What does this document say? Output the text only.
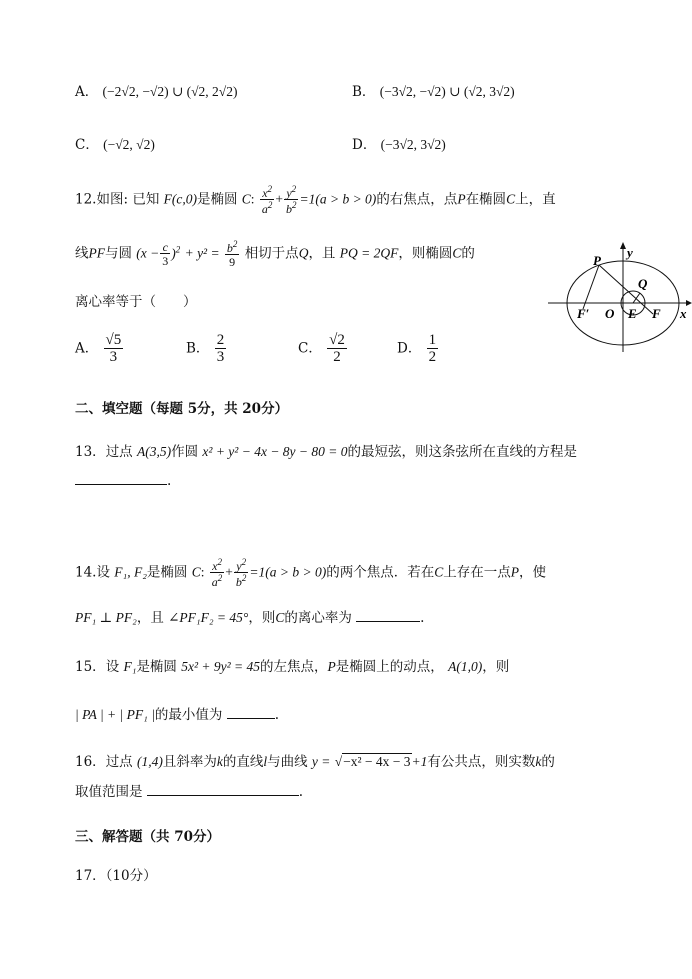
A． (−2√2, −√2) ∪ (√2, 2√2)	B． (−3√2, −√2) ∪ (√2, 3√2)
C． (−√2, √2)	D． (−3√2, 3√2)
12.如图: 已知 F(c,0)是椭圆 C: $\frac{x^2}{a^2} + \frac{y^2}{b^2} =1(a > b > 0)$的右焦点，点P在椭圆C上，直
线PF与圆 $(x - \frac{c}{3} )^2 + y^2 = \frac{b^2}{9}$ 相切于点Q，且 PQ = 2QF，则椭圆C的
离心率等于（　　）
A． $\frac{√5}{3}$	B． $\frac{2}{3}$	C． $\frac{√2}{2}$	D． $\frac{1}{2}$
P
y
Q
F′ O E F x
二、填空题（每题 5分，共 20分）
13．过点 A(3,5)作圆 x² + y² − 4x − 8y − 80 = 0的最短弦，则这条弦所在直线的方程是
.
14.设 F₁, F₂是椭圆 C: $\frac{x^2}{a^2} + \frac{y^2}{b^2} =1(a > b > 0)$的两个焦点．若在C上存在一点P，使
PF₁ ⊥ PF₂，且 ∠PF₁F₂ = 45°，则C的离心率为	.
15．设 F₁是椭圆 5x² + 9y² = 45的左焦点，P是椭圆上的动点， A(1,0)，则
| PA | + | PF₁ |的最小值为	.
16．过点 (1,4)且斜率为k的直线l与曲线 y = √−x² − 4x − 3+1有公共点，则实数k的
取值范围是	.
三、解答题（共 70分）
17．（10分）
